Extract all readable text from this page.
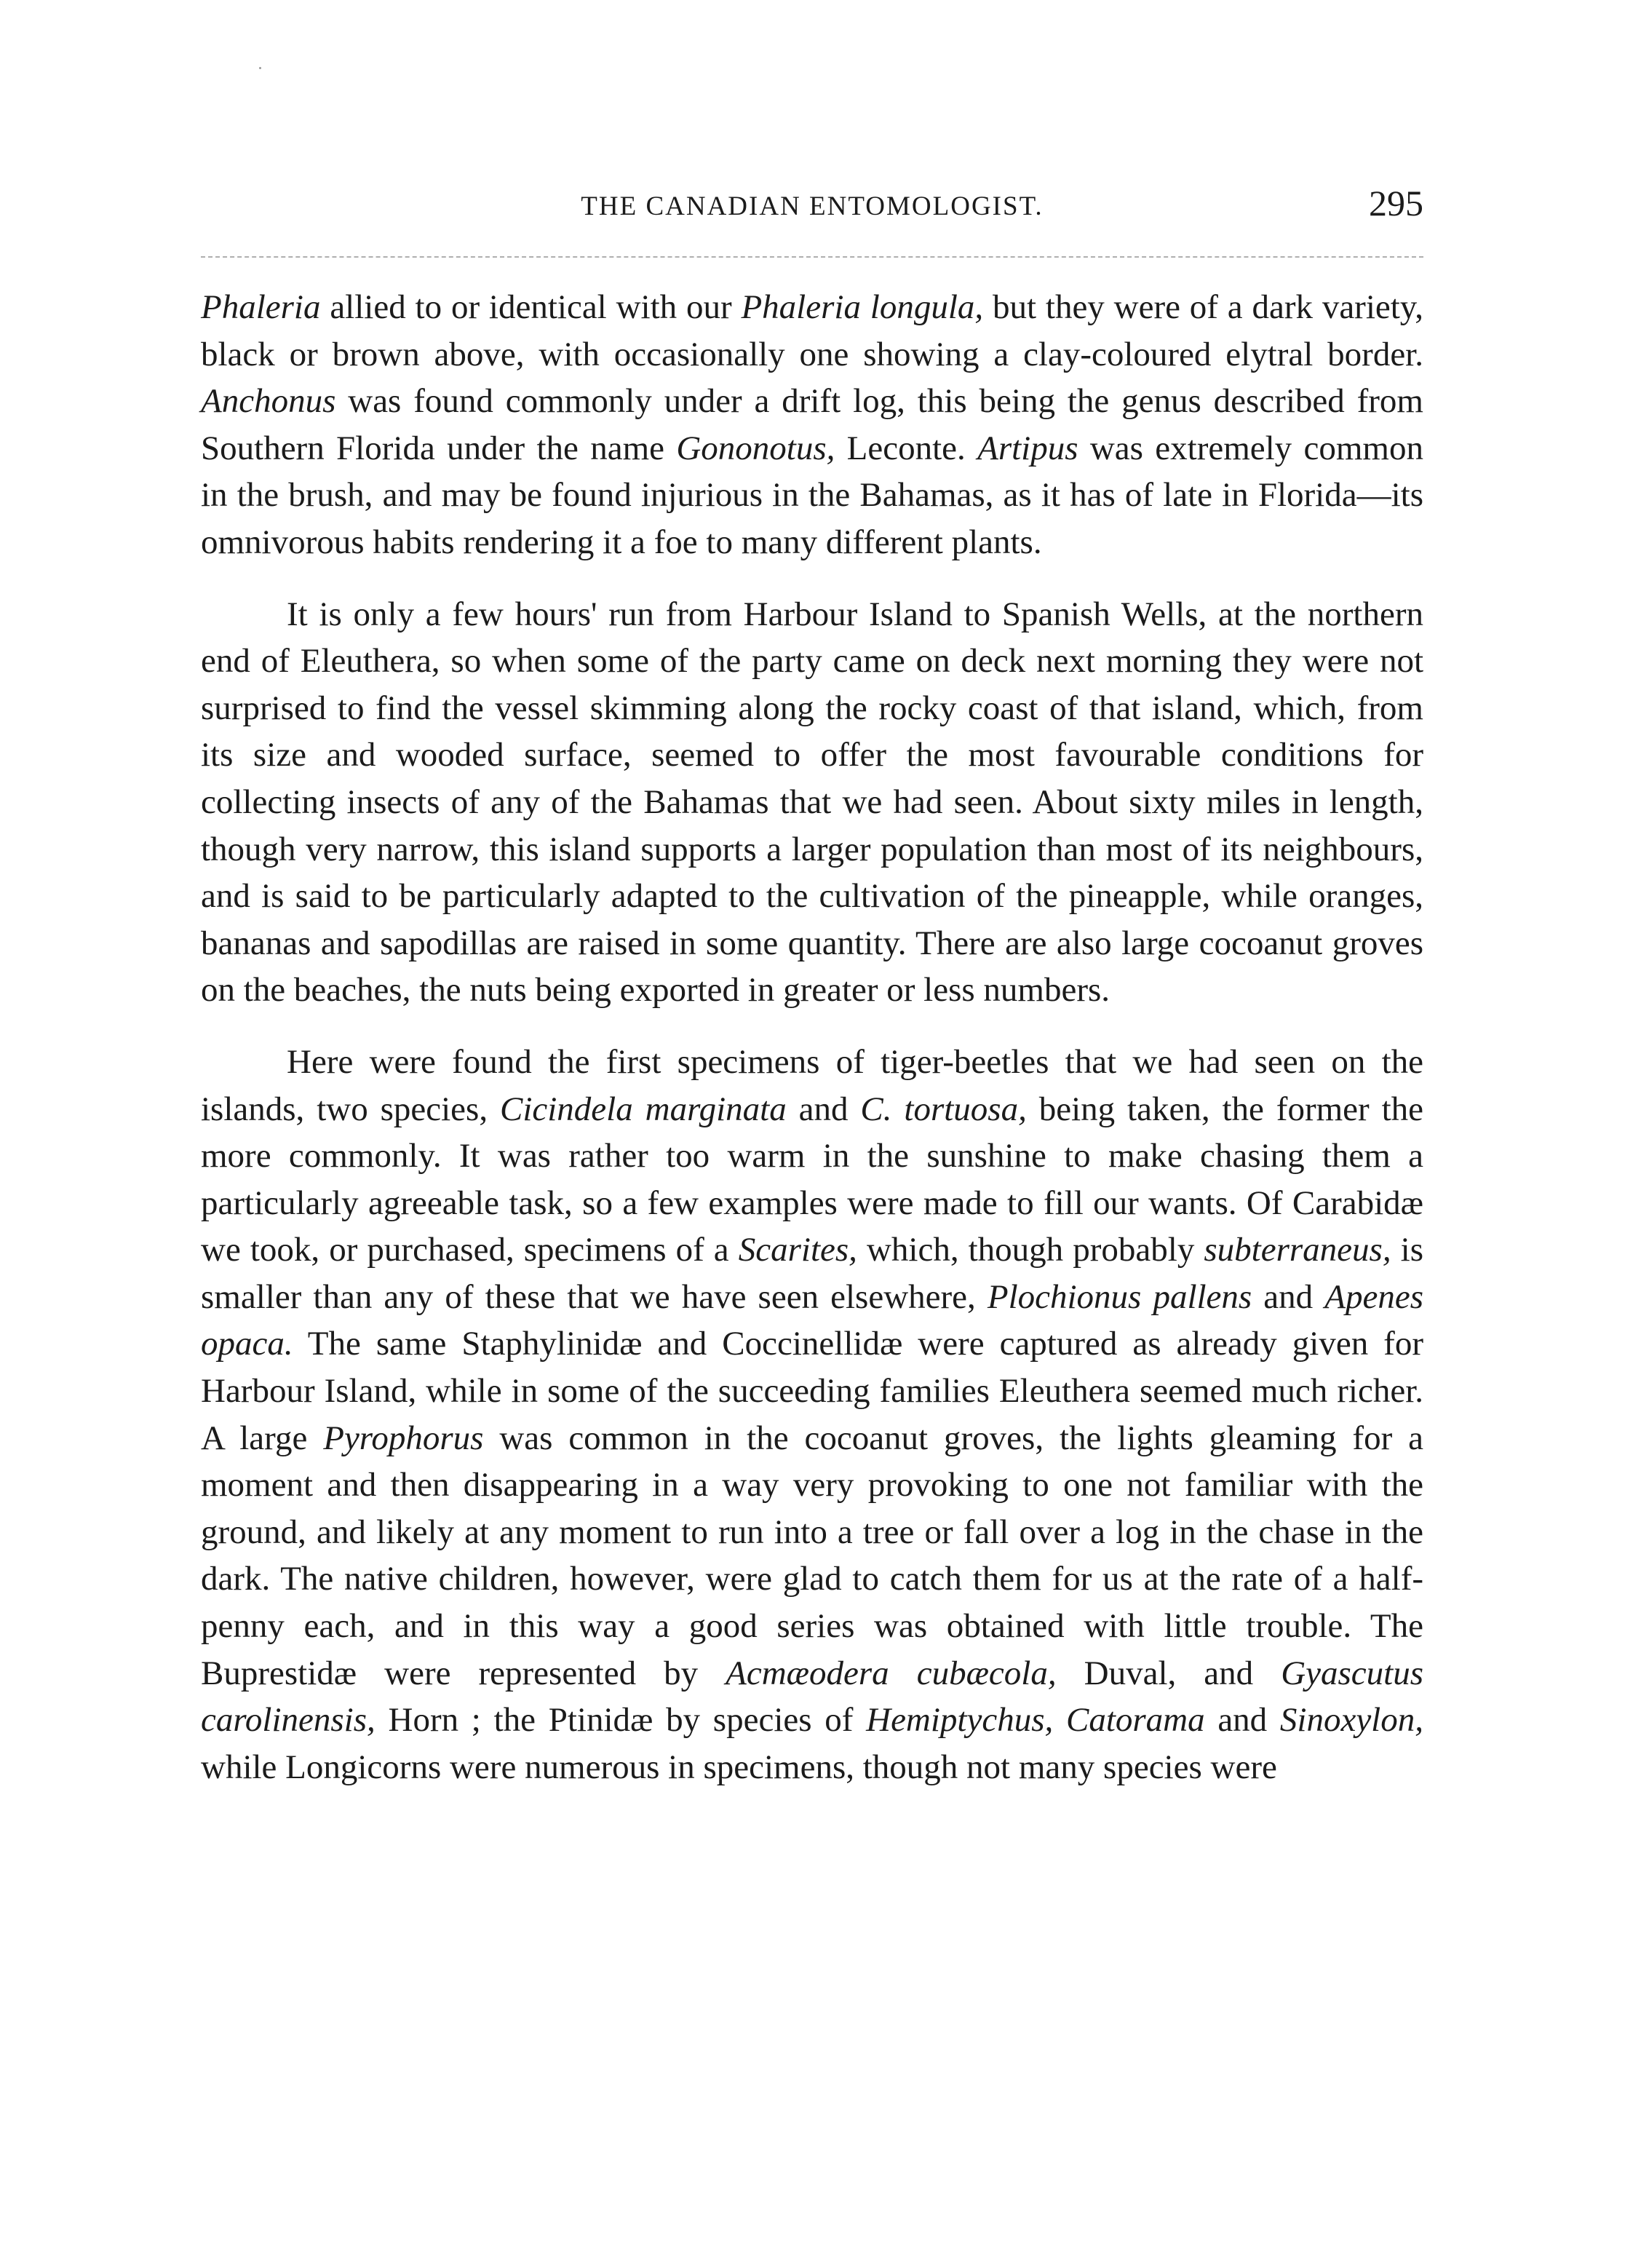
THE CANADIAN ENTOMOLOGIST.	295

Phaleria allied to or identical with our Phaleria longula, but they were of a dark variety, black or brown above, with occasionally one showing a clay-coloured elytral border. Anchonus was found commonly under a drift log, this being the genus described from Southern Florida under the name Gononotus, Leconte. Artipus was extremely common in the brush, and may be found injurious in the Bahamas, as it has of late in Florida—its omnivorous habits rendering it a foe to many different plants.

It is only a few hours' run from Harbour Island to Spanish Wells, at the northern end of Eleuthera, so when some of the party came on deck next morning they were not surprised to find the vessel skimming along the rocky coast of that island, which, from its size and wooded surface, seemed to offer the most favourable conditions for collecting insects of any of the Bahamas that we had seen. About sixty miles in length, though very narrow, this island supports a larger population than most of its neighbours, and is said to be particularly adapted to the cultivation of the pineapple, while oranges, bananas and sapodillas are raised in some quantity. There are also large cocoanut groves on the beaches, the nuts being exported in greater or less numbers.

Here were found the first specimens of tiger-beetles that we had seen on the islands, two species, Cicindela marginata and C. tortuosa, being taken, the former the more commonly. It was rather too warm in the sunshine to make chasing them a particularly agreeable task, so a few examples were made to fill our wants. Of Carabidæ we took, or purchased, specimens of a Scarites, which, though probably subterraneus, is smaller than any of these that we have seen elsewhere, Plochionus pallens and Apenes opaca. The same Staphylinidæ and Coccinellidæ were captured as already given for Harbour Island, while in some of the succeeding families Eleuthera seemed much richer. A large Pyrophorus was common in the cocoanut groves, the lights gleaming for a moment and then disappearing in a way very provoking to one not familiar with the ground, and likely at any moment to run into a tree or fall over a log in the chase in the dark. The native children, however, were glad to catch them for us at the rate of a half-penny each, and in this way a good series was obtained with little trouble. The Buprestidæ were represented by Acmæodera cubæcola, Duval, and Gyascutus carolinensis, Horn ; the Ptinidæ by species of Hemiptychus, Catorama and Sinoxylon, while Longicorns were numerous in specimens, though not many species were
